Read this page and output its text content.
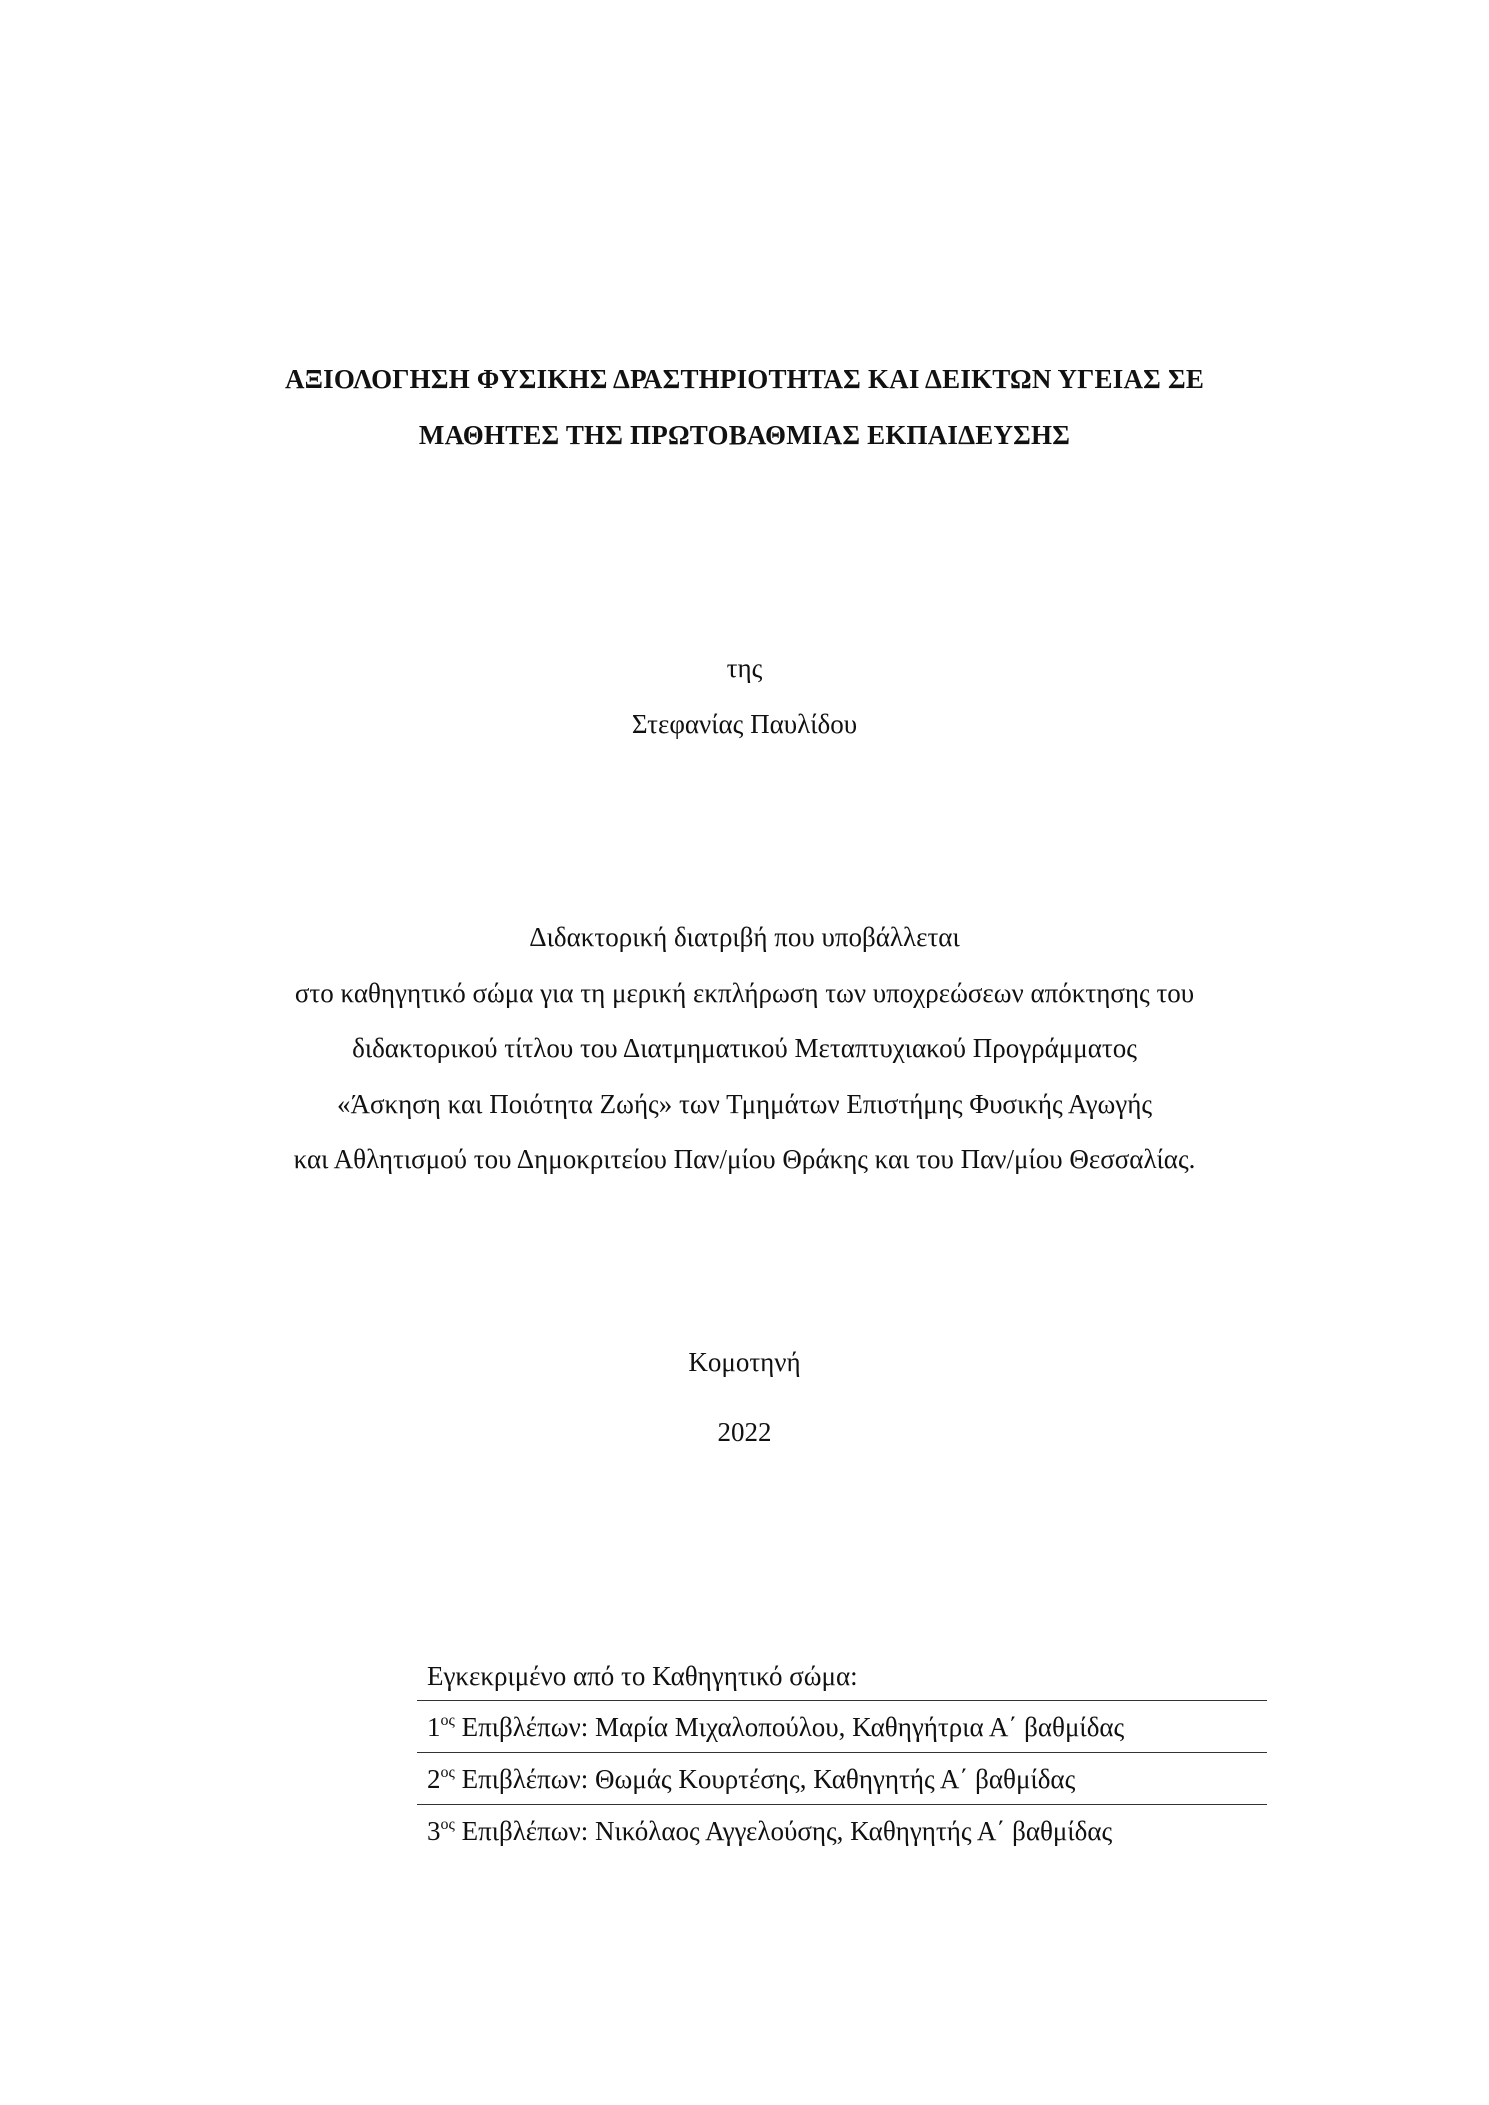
ΑΞΙΟΛΟΓΗΣΗ ΦΥΣΙΚΗΣ ΔΡΑΣΤΗΡΙΟΤΗΤΑΣ ΚΑΙ ΔΕΙΚΤΩΝ ΥΓΕΙΑΣ ΣΕ
ΜΑΘΗΤΕΣ ΤΗΣ ΠΡΩΤΟΒΑΘΜΙΑΣ ΕΚΠΑΙΔΕΥΣΗΣ
της
Στεφανίας Παυλίδου
Διδακτορική διατριβή που υποβάλλεται
στο καθηγητικό σώμα για τη μερική εκπλήρωση των υποχρεώσεων απόκτησης του
διδακτορικού τίτλου του Διατμηματικού Μεταπτυχιακού Προγράμματος
«Άσκηση και Ποιότητα Ζωής» των Τμημάτων Επιστήμης Φυσικής Αγωγής
και Αθλητισμού του Δημοκριτείου Παν/μίου Θράκης και του Παν/μίου Θεσσαλίας.
Κομοτηνή
2022
Εγκεκριμένο από το Καθηγητικό σώμα:
$1^{o\varsigma}$ Επιβλέπων: Μαρία Μιχαλοπούλου, Καθηγήτρια Α΄ βαθμίδας
$2^{o\varsigma}$ Επιβλέπων: Θωμάς Κουρτέσης, Καθηγητής Α΄ βαθμίδας
$3^{o\varsigma}$ Επιβλέπων: Νικόλαος Αγγελούσης, Καθηγητής Α΄ βαθμίδας
